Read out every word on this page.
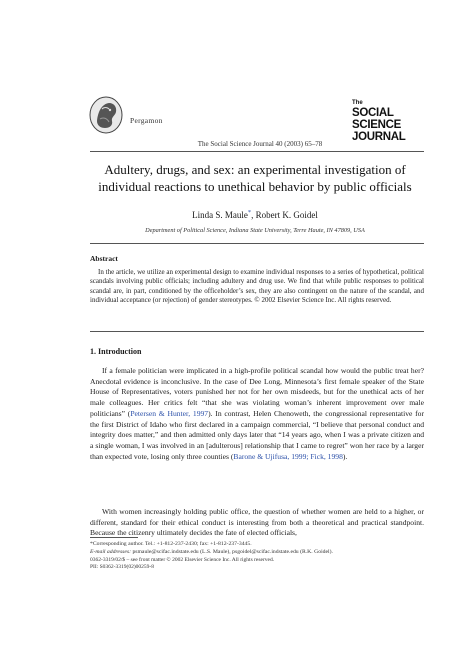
Pergamon
The
SOCIAL
SCIENCE
JOURNAL
The Social Science Journal 40 (2003) 65–78
Adultery, drugs, and sex: an experimental investigation of individual reactions to unethical behavior by public officials
Linda S. Maule*, Robert K. Goidel
Department of Political Science, Indiana State University, Terre Haute, IN 47809, USA
Abstract
In the article, we utilize an experimental design to examine individual responses to a series of hypothetical, political scandals involving public officials; including adultery and drug use. We find that while public responses to political scandal are, in part, conditioned by the officeholder’s sex, they are also contingent on the nature of the scandal, and individual acceptance (or rejection) of gender stereotypes. © 2002 Elsevier Science Inc. All rights reserved.
1. Introduction
If a female politician were implicated in a high-profile political scandal how would the public treat her? Anecdotal evidence is inconclusive. In the case of Dee Long, Minnesota’s first female speaker of the State House of Representatives, voters punished her not for her own misdeeds, but for the unethical acts of her male colleagues. Her critics felt “that she was violating woman’s inherent improvement over male politicians” (Petersen & Hunter, 1997). In contrast, Helen Chenoweth, the congressional representative for the first District of Idaho who first declared in a campaign commercial, “I believe that personal conduct and integrity does matter,” and then admitted only days later that “14 years ago, when I was a private citizen and a single woman, I was involved in an [adulterous] relationship that I came to regret” won her race by a larger than expected vote, losing only three counties (Barone & Ujifusa, 1999; Fick, 1998).
With women increasingly holding public office, the question of whether women are held to a higher, or different, standard for their ethical conduct is interesting from both a theoretical and practical standpoint. Because the citizenry ultimately decides the fate of elected officials,
*Corresponding author. Tel.: +1-812-237-2430; fax: +1-812-237-3445.
E-mail addresses: psmaule@scifac.indstate.edu (L.S. Maule), psgoidel@scifac.indstate.edu (R.K. Goidel).
0362-3319/02/$ – see front matter © 2002 Elsevier Science Inc. All rights reserved.
PII: S0362-3319(02)00259-8
